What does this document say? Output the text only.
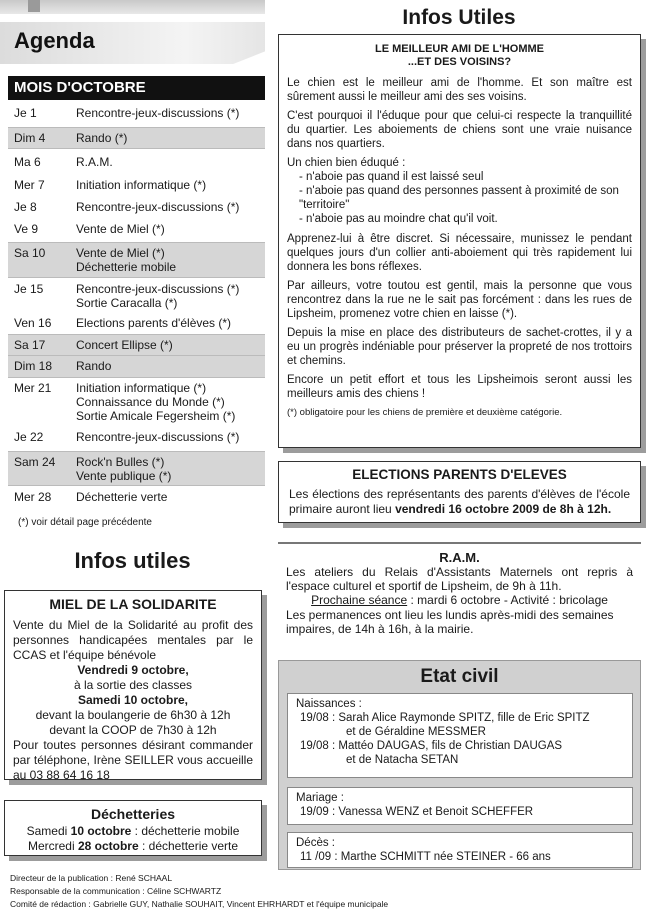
Agenda
MOIS D'OCTOBRE
Je 1	Rencontre-jeux-discussions (*)
Dim 4	Rando (*)
Ma 6	R.A.M.
Mer 7	Initiation informatique (*)
Je 8	Rencontre-jeux-discussions (*)
Ve 9	Vente de Miel (*)
Sa 10	Vente de Miel (*)
Déchetterie mobile
Je 15	Rencontre-jeux-discussions (*)
Sortie Caracalla (*)
Ven 16 Elections parents d'élèves (*)
Sa 17	Concert Ellipse (*)
Dim 18 Rando
Mer 21 Initiation informatique (*)
Connaissance du Monde (*)
Sortie Amicale Fegersheim (*)
Je 22	Rencontre-jeux-discussions (*)
Sam 24 Rock'n Bulles (*)
Vente publique (*)
Mer 28 Déchetterie verte
(*) voir détail page précédente
Infos utiles
MIEL DE LA SOLIDARITE
Vente du Miel de la Solidarité au profit des personnes handicapées mentales par le CCAS et l'équipe bénévole
Vendredi 9 octobre,
à la sortie des classes
Samedi 10 octobre,
devant la boulangerie de 6h30 à 12h
devant la COOP de 7h30 à 12h
Pour toutes personnes désirant commander par téléphone, Irène SEILLER vous accueille au 03 88 64 16 18
Déchetteries
Samedi 10 octobre : déchetterie mobile
Mercredi 28 octobre : déchetterie verte
Directeur de la publication : René SCHAAL
Responsable de la communication : Céline SCHWARTZ
Comité de rédaction : Gabrielle GUY, Nathalie SOUHAIT, Vincent EHRHARDT et l'équipe municipale
Infos Utiles
LE MEILLEUR AMI DE L'HOMME
...ET DES VOISINS?
Le chien est le meilleur ami de l'homme. Et son maître est sûrement aussi le meilleur ami des ses voisins.
C'est pourquoi il l'éduque pour que celui-ci respecte la tranquillité du quartier. Les aboiements de chiens sont une vraie nuisance dans nos quartiers.
Un chien bien éduqué :
- n'aboie pas quand il est laissé seul
- n'aboie pas quand des personnes passent à proximité de son "territoire"
- n'aboie pas au moindre chat qu'il voit.
Apprenez-lui à être discret. Si nécessaire, munissez le pendant quelques jours d'un collier anti-aboiement qui très rapidement lui donnera les bons réflexes.
Par ailleurs, votre toutou est gentil, mais la personne que vous rencontrez dans la rue ne le sait pas forcément : dans les rues de Lipsheim, promenez votre chien en laisse (*).
Depuis la mise en place des distributeurs de sachet-crottes, il y a eu un progrès indéniable pour préserver la propreté de nos trottoirs et chemins.
Encore un petit effort et tous les Lipsheimois seront aussi les meilleurs amis des chiens !
(*) obligatoire pour les chiens de première et deuxième catégorie.
ELECTIONS PARENTS D'ELEVES
Les élections des représentants des parents d'élèves de l'école primaire auront lieu vendredi 16 octobre 2009 de 8h à 12h.
R.A.M.
Les ateliers du Relais d'Assistants Maternels ont repris à l'espace culturel et sportif de Lipsheim, de 9h à 11h.
Prochaine séance : mardi 6 octobre - Activité : bricolage
Les permanences ont lieu les lundis après-midi des semaines impaires, de 14h à 16h, à la mairie.
Etat civil
Naissances :
19/08 : Sarah Alice Raymonde SPITZ, fille de Eric SPITZ
et de Géraldine MESSMER
19/08 : Mattéo DAUGAS, fils de Christian DAUGAS
et de Natacha SETAN
Mariage :
19/09 : Vanessa WENZ et Benoit SCHEFFER
Décès :
11 /09 : Marthe SCHMITT née STEINER - 66 ans
